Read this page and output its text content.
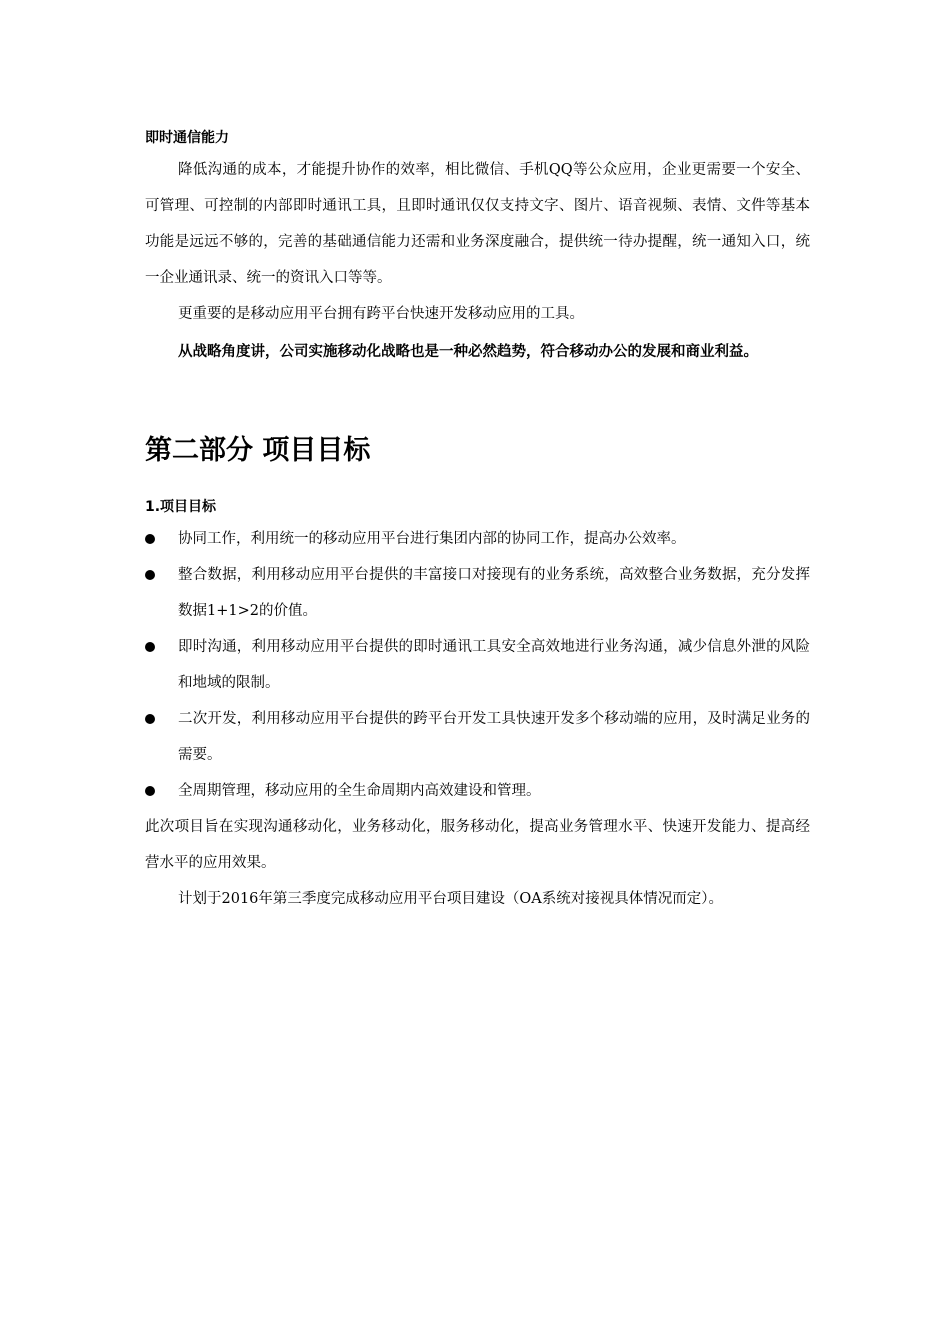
即时通信能力

降低沟通的成本，才能提升协作的效率，相比微信、手机QQ等公众应用，企业更需要一个安全、可管理、可控制的内部即时通讯工具，且即时通讯仅仅支持文字、图片、语音视频、表情、文件等基本功能是远远不够的，完善的基础通信能力还需和业务深度融合，提供统一待办提醒，统一通知入口，统一企业通讯录、统一的资讯入口等等。

更重要的是移动应用平台拥有跨平台快速开发移动应用的工具。

从战略角度讲，公司实施移动化战略也是一种必然趋势，符合移动办公的发展和商业利益。

第二部分 项目目标

1.项目目标

协同工作，利用统一的移动应用平台进行集团内部的协同工作，提高办公效率。
整合数据，利用移动应用平台提供的丰富接口对接现有的业务系统，高效整合业务数据，充分发挥数据1+1>2的价值。
即时沟通，利用移动应用平台提供的即时通讯工具安全高效地进行业务沟通，减少信息外泄的风险和地域的限制。
二次开发，利用移动应用平台提供的跨平台开发工具快速开发多个移动端的应用，及时满足业务的需要。
全周期管理，移动应用的全生命周期内高效建设和管理。

此次项目旨在实现沟通移动化，业务移动化，服务移动化，提高业务管理水平、快速开发能力、提高经营水平的应用效果。

计划于2016年第三季度完成移动应用平台项目建设（OA系统对接视具体情况而定）。
